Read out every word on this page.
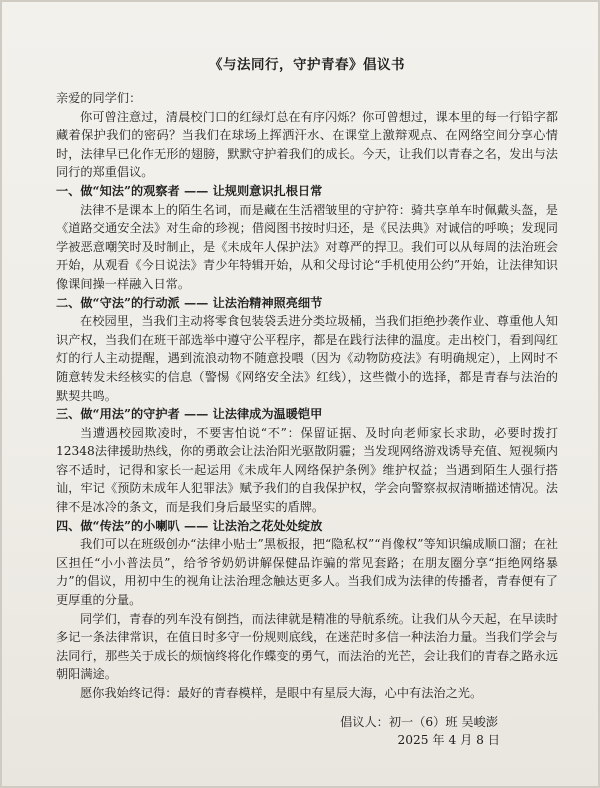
《与法同行，守护青春》倡议书

亲爱的同学们：

你可曾注意过，清晨校门口的红绿灯总在有序闪烁？你可曾想过，课本里的每一行铅字都藏着保护我们的密码？当我们在球场上挥洒汗水、在课堂上激辩观点、在网络空间分享心情时，法律早已化作无形的翅膀，默默守护着我们的成长。今天，让我们以青春之名，发出与法同行的郑重倡议。

一、做“知法”的观察者 —— 让规则意识扎根日常

法律不是课本上的陌生名词，而是藏在生活褶皱里的守护符：骑共享单车时佩戴头盔，是《道路交通安全法》对生命的珍视；借阅图书按时归还，是《民法典》对诚信的呼唤；发现同学被恶意嘲笑时及时制止，是《未成年人保护法》对尊严的捍卫。我们可以从每周的法治班会开始，从观看《今日说法》青少年特辑开始，从和父母讨论“手机使用公约”开始，让法律知识像课间操一样融入日常。

二、做“守法”的行动派 —— 让法治精神照亮细节

在校园里，当我们主动将零食包装袋丢进分类垃圾桶，当我们拒绝抄袭作业、尊重他人知识产权，当我们在班干部选举中遵守公平程序，都是在践行法律的温度。走出校门，看到闯红灯的行人主动提醒，遇到流浪动物不随意投喂（因为《动物防疫法》有明确规定），上网时不随意转发未经核实的信息（警惕《网络安全法》红线），这些微小的选择，都是青春与法治的默契共鸣。

三、做“用法”的守护者 —— 让法律成为温暖铠甲

当遭遇校园欺凌时，不要害怕说“不”：保留证据、及时向老师家长求助，必要时拨打12348法律援助热线，你的勇敢会让法治阳光驱散阴霾；当发现网络游戏诱导充值、短视频内容不适时，记得和家长一起运用《未成年人网络保护条例》维护权益；当遇到陌生人强行搭讪，牢记《预防未成年人犯罪法》赋予我们的自我保护权，学会向警察叔叔清晰描述情况。法律不是冰冷的条文，而是我们身后最坚实的盾牌。

四、做“传法”的小喇叭 —— 让法治之花处处绽放

我们可以在班级创办“法律小贴士”黑板报，把“隐私权”“肖像权”等知识编成顺口溜；在社区担任“小小普法员”，给爷爷奶奶讲解保健品诈骗的常见套路；在朋友圈分享“拒绝网络暴力”的倡议，用初中生的视角让法治理念触达更多人。当我们成为法律的传播者，青春便有了更厚重的分量。

同学们，青春的列车没有倒挡，而法律就是精准的导航系统。让我们从今天起，在早读时多记一条法律常识，在值日时多守一份规则底线，在迷茫时多信一种法治力量。当我们学会与法同行，那些关于成长的烦恼终将化作蝶变的勇气，而法治的光芒，会让我们的青春之路永远朝阳满途。

愿你我始终记得：最好的青春模样，是眼中有星辰大海，心中有法治之光。

倡议人：初一（6）班 吴峻澎

2025 年 4 月 8 日
